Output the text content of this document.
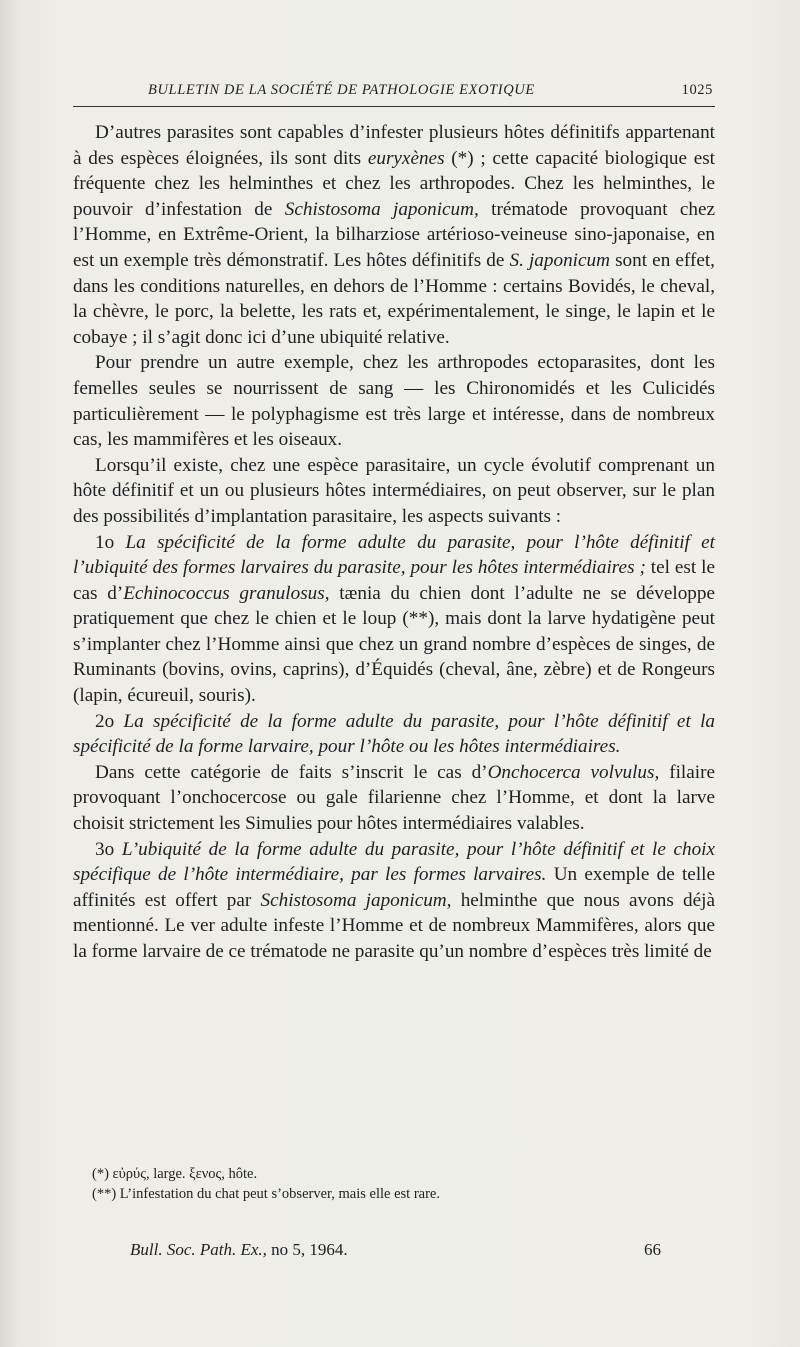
BULLETIN DE LA SOCIÉTÉ DE PATHOLOGIE EXOTIQUE	1025

D’autres parasites sont capables d’infester plusieurs hôtes définitifs appartenant à des espèces éloignées, ils sont dits euryxènes (*) ; cette capacité biologique est fréquente chez les helminthes et chez les arthropodes. Chez les helminthes, le pouvoir d’infestation de Schistosoma japonicum, trématode provoquant chez l’Homme, en Extrême-Orient, la bilharziose artérioso-veineuse sino-japonaise, en est un exemple très démonstratif. Les hôtes définitifs de S. japonicum sont en effet, dans les conditions naturelles, en dehors de l’Homme : certains Bovidés, le cheval, la chèvre, le porc, la belette, les rats et, expérimentalement, le singe, le lapin et le cobaye ; il s’agit donc ici d’une ubiquité relative.

Pour prendre un autre exemple, chez les arthropodes ectoparasites, dont les femelles seules se nourrissent de sang — les Chironomidés et les Culicidés particulièrement — le polyphagisme est très large et intéresse, dans de nombreux cas, les mammifères et les oiseaux.

Lorsqu’il existe, chez une espèce parasitaire, un cycle évolutif comprenant un hôte définitif et un ou plusieurs hôtes intermédiaires, on peut observer, sur le plan des possibilités d’implantation parasitaire, les aspects suivants :

1o La spécificité de la forme adulte du parasite, pour l’hôte définitif et l’ubiquité des formes larvaires du parasite, pour les hôtes intermédiaires ; tel est le cas d’Echinococcus granulosus, tænia du chien dont l’adulte ne se développe pratiquement que chez le chien et le loup (**), mais dont la larve hydatigène peut s’implanter chez l’Homme ainsi que chez un grand nombre d’espèces de singes, de Ruminants (bovins, ovins, caprins), d’Équidés (cheval, âne, zèbre) et de Rongeurs (lapin, écureuil, souris).

2o La spécificité de la forme adulte du parasite, pour l’hôte définitif et la spécificité de la forme larvaire, pour l’hôte ou les hôtes intermédiaires.

Dans cette catégorie de faits s’inscrit le cas d’Onchocerca volvulus, filaire provoquant l’onchocercose ou gale filarienne chez l’Homme, et dont la larve choisit strictement les Simulies pour hôtes intermédiaires valables.

3o L’ubiquité de la forme adulte du parasite, pour l’hôte définitif et le choix spécifique de l’hôte intermédiaire, par les formes larvaires. Un exemple de telle affinités est offert par Schistosoma japonicum, helminthe que nous avons déjà mentionné. Le ver adulte infeste l’Homme et de nombreux Mammifères, alors que la forme larvaire de ce trématode ne parasite qu’un nombre d’espèces très limité de

(*) εὐρύς, large. ξενος, hôte.
(**) L’infestation du chat peut s’observer, mais elle est rare.
Bull. Soc. Path. Ex., no 5, 1964.	66
